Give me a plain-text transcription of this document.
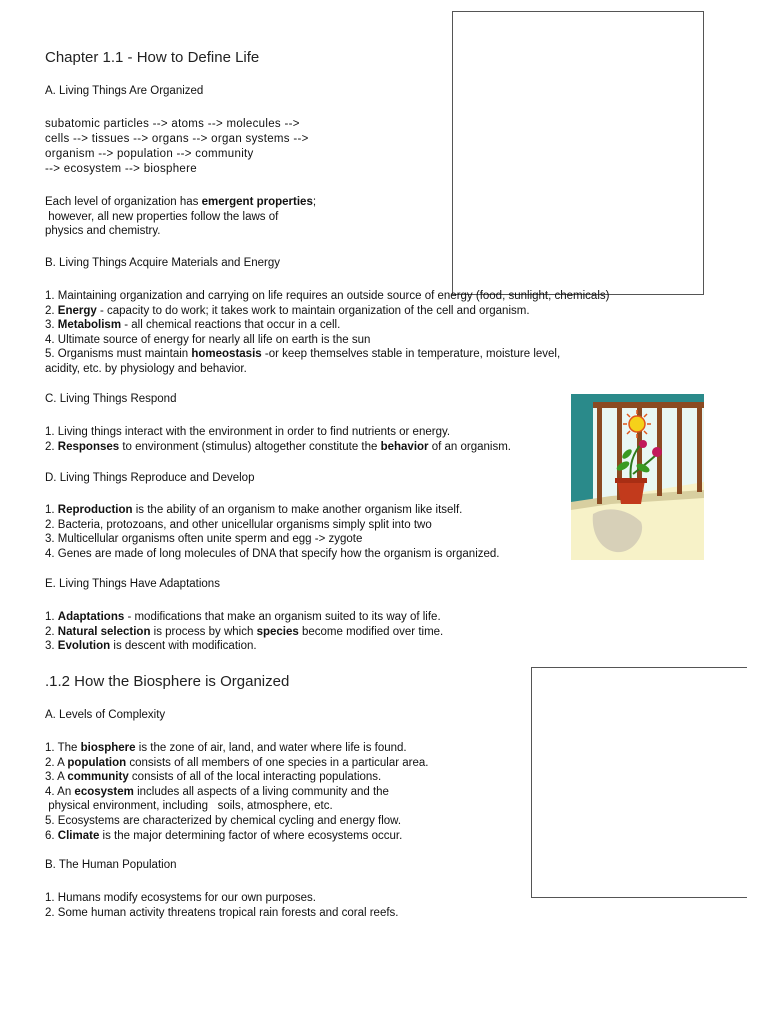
Chapter 1.1 - How to Define Life
A. Living Things Are Organized
subatomic particles --> atoms --> molecules -->
cells --> tissues --> organs --> organ systems -->
organism --> population --> community
--> ecosystem --> biosphere
Each level of organization has emergent properties;
however, all new properties follow the laws of
physics and chemistry.
B. Living Things Acquire Materials and Energy
1. Maintaining organization and carrying on life requires an outside source of energy (food, sunlight, chemicals)
2. Energy - capacity to do work; it takes work to maintain organization of the cell and organism.
3. Metabolism - all chemical reactions that occur in a cell.
4. Ultimate source of energy for nearly all life on earth is the sun
5. Organisms must maintain homeostasis -or keep themselves stable in temperature, moisture level,
acidity, etc. by physiology and behavior.
C. Living Things Respond
1. Living things interact with the environment in order to find nutrients or energy.
2. Responses to environment (stimulus) altogether constitute the behavior of an organism.
D. Living Things Reproduce and Develop
1. Reproduction is the ability of an organism to make another organism like itself.
2. Bacteria, protozoans, and other unicellular organisms simply split into two
3. Multicellular organisms often unite sperm and egg -> zygote
4. Genes are made of long molecules of DNA that specify how the organism is organized.
E. Living Things Have Adaptations
1. Adaptations - modifications that make an organism suited to its way of life.
2. Natural selection is process by which species become modified over time.
3. Evolution is descent with modification.
.1.2 How the Biosphere is Organized
A. Levels of Complexity
1. The biosphere is the zone of air, land, and water where life is found.
2. A population consists of all members of one species in a particular area.
3. A community consists of all of the local interacting populations.
4. An ecosystem includes all aspects of a living community and the
physical environment, including   soils, atmosphere, etc.
5. Ecosystems are characterized by chemical cycling and energy flow.
6. Climate is the major determining factor of where ecosystems occur.
B. The Human Population
1. Humans modify ecosystems for our own purposes.
2. Some human activity threatens tropical rain forests and coral reefs.
